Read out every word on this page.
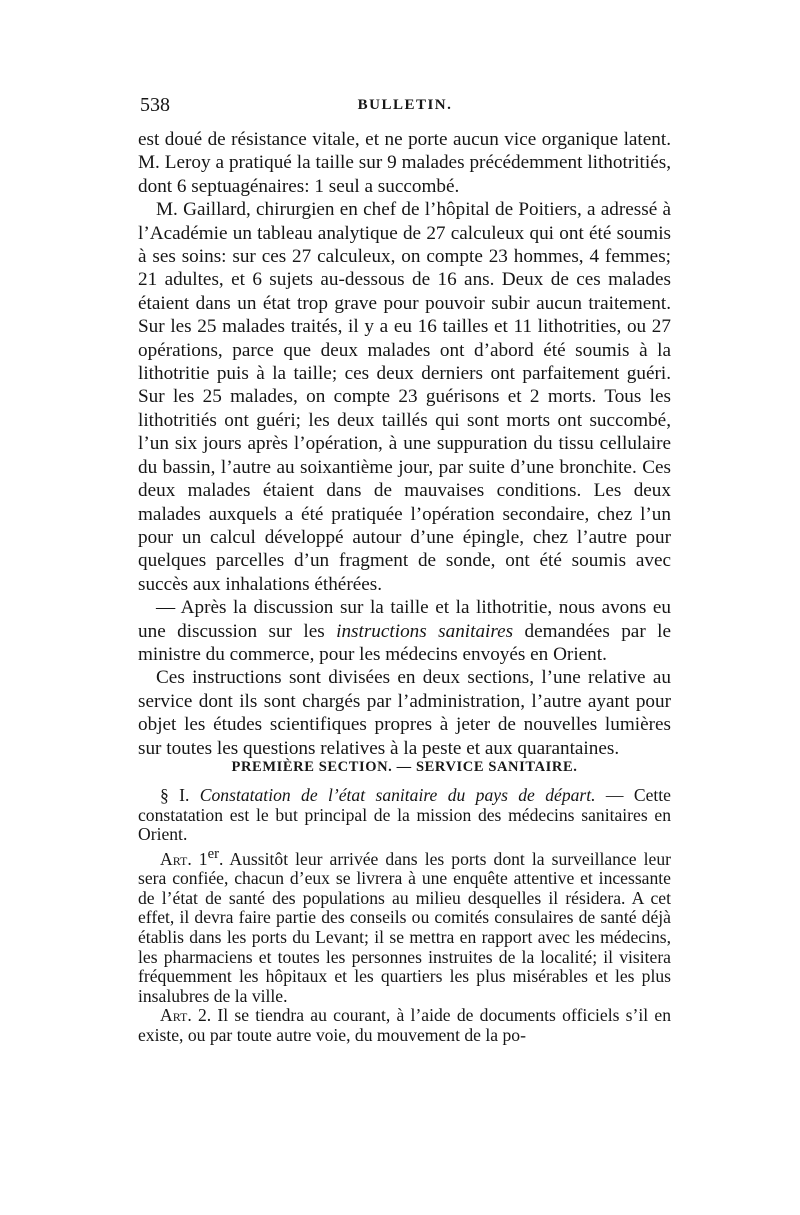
538	BULLETIN.

est doué de résistance vitale, et ne porte aucun vice organique latent. M. Leroy a pratiqué la taille sur 9 malades précédemment lithotritiés, dont 6 septuagénaires: 1 seul a succombé.

M. Gaillard, chirurgien en chef de l’hôpital de Poitiers, a adressé à l’Académie un tableau analytique de 27 calculeux qui ont été soumis à ses soins: sur ces 27 calculeux, on compte 23 hommes, 4 femmes; 21 adultes, et 6 sujets au-dessous de 16 ans. Deux de ces malades étaient dans un état trop grave pour pouvoir subir aucun traitement. Sur les 25 malades traités, il y a eu 16 tailles et 11 lithotrities, ou 27 opérations, parce que deux malades ont d’abord été soumis à la lithotritie puis à la taille; ces deux derniers ont parfaitement guéri. Sur les 25 malades, on compte 23 guérisons et 2 morts. Tous les lithotritiés ont guéri; les deux taillés qui sont morts ont succombé, l’un six jours après l’opération, à une suppuration du tissu cellulaire du bassin, l’autre au soixantième jour, par suite d’une bronchite. Ces deux malades étaient dans de mauvaises conditions. Les deux malades auxquels a été pratiquée l’opération secondaire, chez l’un pour un calcul développé autour d’une épingle, chez l’autre pour quelques parcelles d’un fragment de sonde, ont été soumis avec succès aux inhalations éthérées.

— Après la discussion sur la taille et la lithotritie, nous avons eu une discussion sur les instructions sanitaires demandées par le ministre du commerce, pour les médecins envoyés en Orient.

Ces instructions sont divisées en deux sections, l’une relative au service dont ils sont chargés par l’administration, l’autre ayant pour objet les études scientifiques propres à jeter de nouvelles lumières sur toutes les questions relatives à la peste et aux quarantaines.

PREMIÈRE SECTION. — SERVICE SANITAIRE.

§ I. Constatation de l’état sanitaire du pays de départ. — Cette constatation est le but principal de la mission des médecins sanitaires en Orient.

Art. 1er. Aussitôt leur arrivée dans les ports dont la surveillance leur sera confiée, chacun d’eux se livrera à une enquête attentive et incessante de l’état de santé des populations au milieu desquelles il résidera. A cet effet, il devra faire partie des conseils ou comités consulaires de santé déjà établis dans les ports du Levant; il se mettra en rapport avec les médecins, les pharmaciens et toutes les personnes instruites de la localité; il visitera fréquemment les hôpitaux et les quartiers les plus misérables et les plus insalubres de la ville.

Art. 2. Il se tiendra au courant, à l’aide de documents officiels s’il en existe, ou par toute autre voie, du mouvement de la po-
